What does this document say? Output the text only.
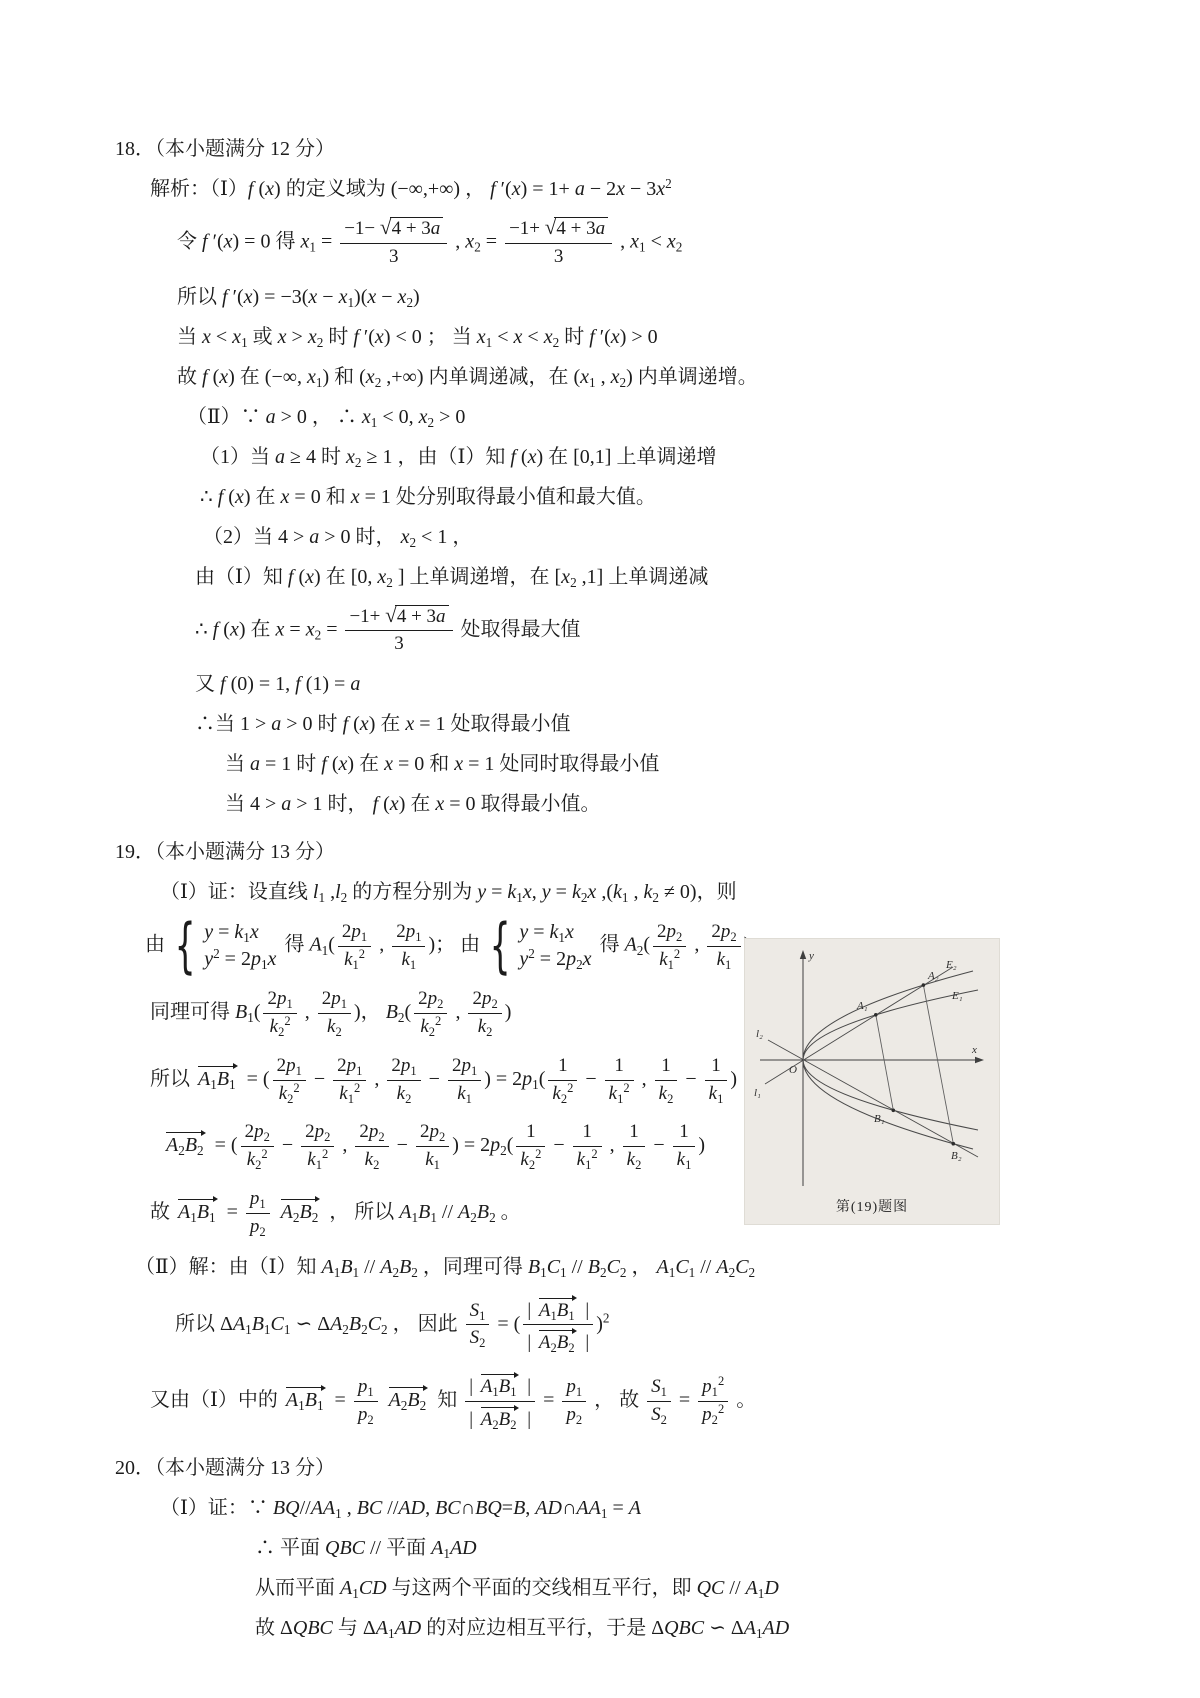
18．（本小题满分 12 分）
解析：（Ⅰ）f (x) 的定义域为 (−∞,+∞) ， f $'(x) = 1+ a - 2x - 3x^2$
令 f ′(x) = 0 得 $x_1 = \frac{-1- √4 + 3a}{3}$ , $x_2 = \frac{-1+ √4 + 3a}{3}$ , $x_1 < x_2$
所以 f $'(x) = -3(x - x_1)(x - x_2)$
当 $x < x_1$ 或 $x > x_2$ 时 f ′(x) < 0 ； 当 $x_1 < x < x_2$ 时 f ′(x) > 0
故 f (x) 在 (−∞, $x_1$) 和 ($x_2$ ,+∞) 内单调递减，在 ($x_1$ , $x_2$) 内单调递增。
（Ⅱ）∵ a > 0 ， ∴ $x_1 < 0$, $x_2 > 0$
（1）当 a ≥ 4 时 $x_2 \ge 1$ ，由（Ⅰ）知 f (x) 在 [0,1] 上单调递增
∴ f (x) 在 x = 0 和 x = 1 处分别取得最小值和最大值。
（2）当 4 > a > 0 时， $x_2 < 1$ ，
由（Ⅰ）知 f (x) 在 [0, $x_2$ ] 上单调递增，在 [$x_2$ ,1] 上单调递减
∴ f (x) 在 $x = x_2 = \frac{-1+ √4 + 3a}{3}$ 处取得最大值
又 f (0) = 1, f (1) = a
∴当 1 > a > 0 时 f (x) 在 x = 1 处取得最小值
当 a = 1 时 f (x) 在 x = 0 和 x = 1 处同时取得最小值
当 4 > a > 1 时， f (x) 在 x = 0 取得最小值。
19．（本小题满分 13 分）
（Ⅰ）证：设直线 $l_1$ $,l_2$ 的方程分别为 $y = k_1x$, $y = k_2x$ $,(k_1$ , $k_2 \ne 0$)，则
由 { $y = k_1x$
$y^2 = 2p_1x$
得 $A_1( \frac{2p_1}{k_1^2}$ , $\frac{2p_1}{k_1}$ )； 由 { $y = k_1x$
$y^2 = 2p_2x$
得 $A_2( \frac{2p_2}{k_1^2}$ , $\frac{2p_2}{k_1}$
同理可得 $B_1( \frac{2p_1}{k_2^2}$ , $\frac{2p_1}{k_2}$ )， $B_2( \frac{2p_2}{k_2^2}$ , $\frac{2p_2}{k_2}$ )
所以 $A_1B_1$ = ( $\frac{2p_1}{k_2^2} - \frac{2p_1}{k_1^2}$ , $\frac{2p_1}{k_2} - \frac{2p_1}{k_1}$ ) = $2p_1( \frac{1}{k_2^2} - \frac{1}{k_1^2}$ , $\frac{1}{k_2} - \frac{1}{k_1}$ )
$A_2B_2$ = ( $\frac{2p_2}{k_2^2} - \frac{2p_2}{k_1^2}$ , $\frac{2p_2}{k_2} - \frac{2p_2}{k_1}$ ) = $2p_2( \frac{1}{k_2^2} - \frac{1}{k_1^2}$ , $\frac{1}{k_2} - \frac{1}{k_1}$ )
故 $A_1B_1 = \frac{p_1}{p_2} A_2B_2$ ， 所以 $A_1B_1 // A_2B_2$ 。
（Ⅱ）解：由（Ⅰ）知 $A_1B_1 // A_2B_2$ ，同理可得 $B_1C_1 // B_2C_2$ ， $A_1C_1 // A_2C_2$
所以 $\Delta A_1B_1C_1$ ∽ $\Delta A_2B_2C_2$ ， 因此 $\frac{S_1}{S_2}$ = ( $\frac{| A_1B_1 |}{| A_2B_2 |} )^2$
又由（Ⅰ）中的 $A_1B_1 = \frac{p_1}{p_2} A_2B_2$ 知 $\frac{| A_1B_1 |}{| A_2B_2 |} = \frac{p_1}{p_2}$ ， 故 $\frac{S_1}{S_2} = \frac{p_1^2}{p_2^2}$ 。
y
x
O
E₂
E₁
A₁
A₂
B₁
B₂
l₁
l₂
第(19)题图
20．（本小题满分 13 分）
（Ⅰ）证：∵ $BQ//AA_1$ , BC //AD, BC∩BQ=B, $AD\cap AA_1 = A$
∴ 平面 QBC // 平面 $A_1AD$
从而平面 $A_1CD$ 与这两个平面的交线相互平行，即 QC // $A_1D$
故 ΔQBC 与 $\Delta A_1AD$ 的对应边相互平行，于是 ΔQBC ∽ $\Delta A_1AD$
